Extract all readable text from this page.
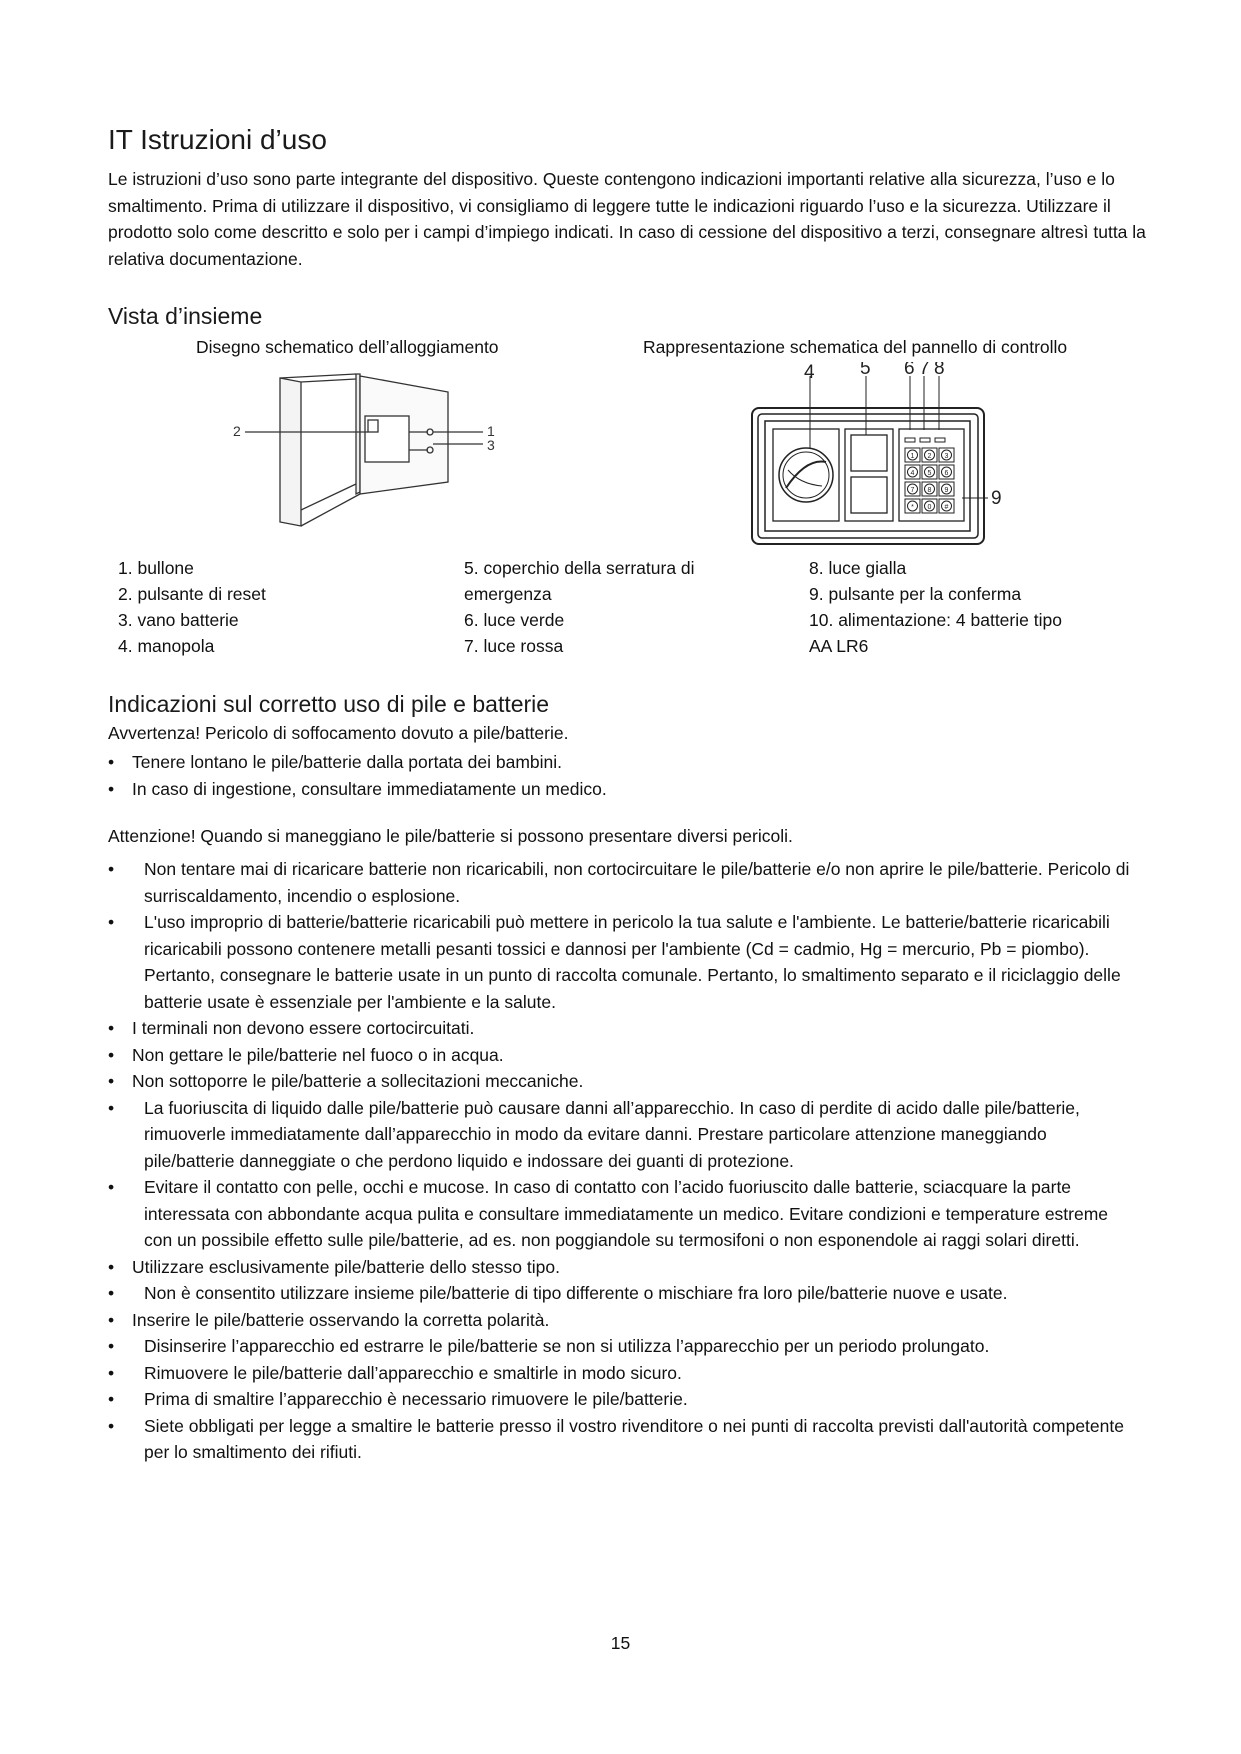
IT Istruzioni d’uso

Le istruzioni d’uso sono parte integrante del dispositivo. Queste contengono indicazioni importanti relative alla sicurezza, l’uso e lo smaltimento. Prima di utilizzare il dispositivo, vi consigliamo di leggere tutte le indicazioni riguardo l’uso e la sicurezza. Utilizzare il prodotto solo come descritto e solo per i campi d’impiego indicati. In caso di cessione del dispositivo a terzi, consegnare altresì tutta la relativa documentazione.

Vista d’insieme
Disegno schematico dell’alloggiamento	Rappresentazione schematica del pannello di controllo
2	1
3
1 2 3
4 5 6
7 8 9
* 0 #
4 5 6 7 8
9
1. bullone
2. pulsante di reset
3. vano batterie
4. manopola
5. coperchio della serratura di
emergenza
6. luce verde
7. luce rossa
8. luce gialla
9. pulsante per la conferma
10. alimentazione: 4 batterie tipo
AA LR6
Indicazioni sul corretto uso di pile e batterie
Avvertenza! Pericolo di soffocamento dovuto a pile/batterie.
• Tenere lontano le pile/batterie dalla portata dei bambini.
• In caso di ingestione, consultare immediatamente un medico.
Attenzione! Quando si maneggiano le pile/batterie si possono presentare diversi pericoli.
• Non tentare mai di ricaricare batterie non ricaricabili, non cortocircuitare le pile/batterie e/o non aprire le pile/batterie. Pericolo di surriscaldamento, incendio o esplosione.
• L'uso improprio di batterie/batterie ricaricabili può mettere in pericolo la tua salute e l'ambiente. Le batterie/batterie ricaricabili ricaricabili possono contenere metalli pesanti tossici e dannosi per l'ambiente (Cd = cadmio, Hg = mercurio, Pb = piombo). Pertanto, consegnare le batterie usate in un punto di raccolta comunale. Pertanto, lo smaltimento separato e il riciclaggio delle batterie usate è essenziale per l'ambiente e la salute.
• I terminali non devono essere cortocircuitati.
• Non gettare le pile/batterie nel fuoco o in acqua.
• Non sottoporre le pile/batterie a sollecitazioni meccaniche.
• La fuoriuscita di liquido dalle pile/batterie può causare danni all’apparecchio. In caso di perdite di acido dalle pile/batterie, rimuoverle immediatamente dall’apparecchio in modo da evitare danni. Prestare particolare attenzione maneggiando pile/batterie danneggiate o che perdono liquido e indossare dei guanti di protezione.
• Evitare il contatto con pelle, occhi e mucose. In caso di contatto con l’acido fuoriuscito dalle batterie, sciacquare la parte interessata con abbondante acqua pulita e consultare immediatamente un medico. Evitare condizioni e temperature estreme con un possibile effetto sulle pile/batterie, ad es. non poggiandole su termosifoni o non esponendole ai raggi solari diretti.
• Utilizzare esclusivamente pile/batterie dello stesso tipo.
• Non è consentito utilizzare insieme pile/batterie di tipo differente o mischiare fra loro pile/batterie nuove e usate.
• Inserire le pile/batterie osservando la corretta polarità.
• Disinserire l’apparecchio ed estrarre le pile/batterie se non si utilizza l’apparecchio per un periodo prolungato.
• Rimuovere le pile/batterie dall’apparecchio e smaltirle in modo sicuro.
• Prima di smaltire l’apparecchio è necessario rimuovere le pile/batterie.
• Siete obbligati per legge a smaltire le batterie presso il vostro rivenditore o nei punti di raccolta previsti dall'autorità competente per lo smaltimento dei rifiuti.
15
